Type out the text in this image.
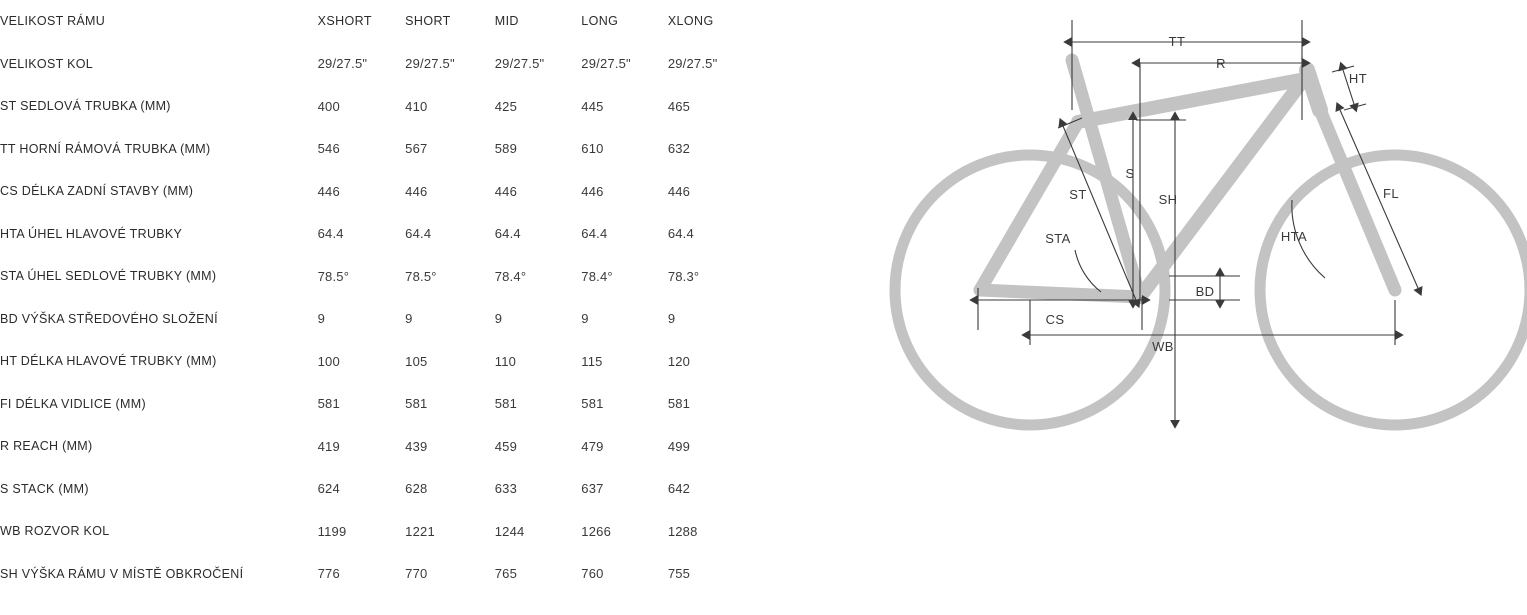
VELIKOST RÁMU	XSHORT	SHORT	MID	LONG	XLONG
VELIKOST KOL	29/27.5"	29/27.5"	29/27.5"	29/27.5"	29/27.5"
ST SEDLOVÁ TRUBKA (MM)	400	410	425	445	465
TT HORNÍ RÁMOVÁ TRUBKA (MM)	546	567	589	610	632
CS DÉLKA ZADNÍ STAVBY (MM)	446	446	446	446	446
HTA ÚHEL HLAVOVÉ TRUBKY	64.4	64.4	64.4	64.4	64.4
STA ÚHEL SEDLOVÉ TRUBKY (MM)	78.5°	78.5°	78.4°	78.4°	78.3°
BD VÝŠKA STŘEDOVÉHO SLOŽENÍ	9	9	9	9	9
HT DÉLKA HLAVOVÉ TRUBKY (MM)	100	105	110	115	120
FI DÉLKA VIDLICE (MM)	581	581	581	581	581
R REACH (MM)	419	439	459	479	499
S STACK (MM)	624	628	633	637	642
WB ROZVOR KOL	1199	1221	1244	1266	1288
SH VÝŠKA RÁMU V MÍSTĚ OBKROČENÍ	776	770	765	760	755
TT
R
HT
ST
S
SH
STA
FL
HTA
BD
CS
WB
